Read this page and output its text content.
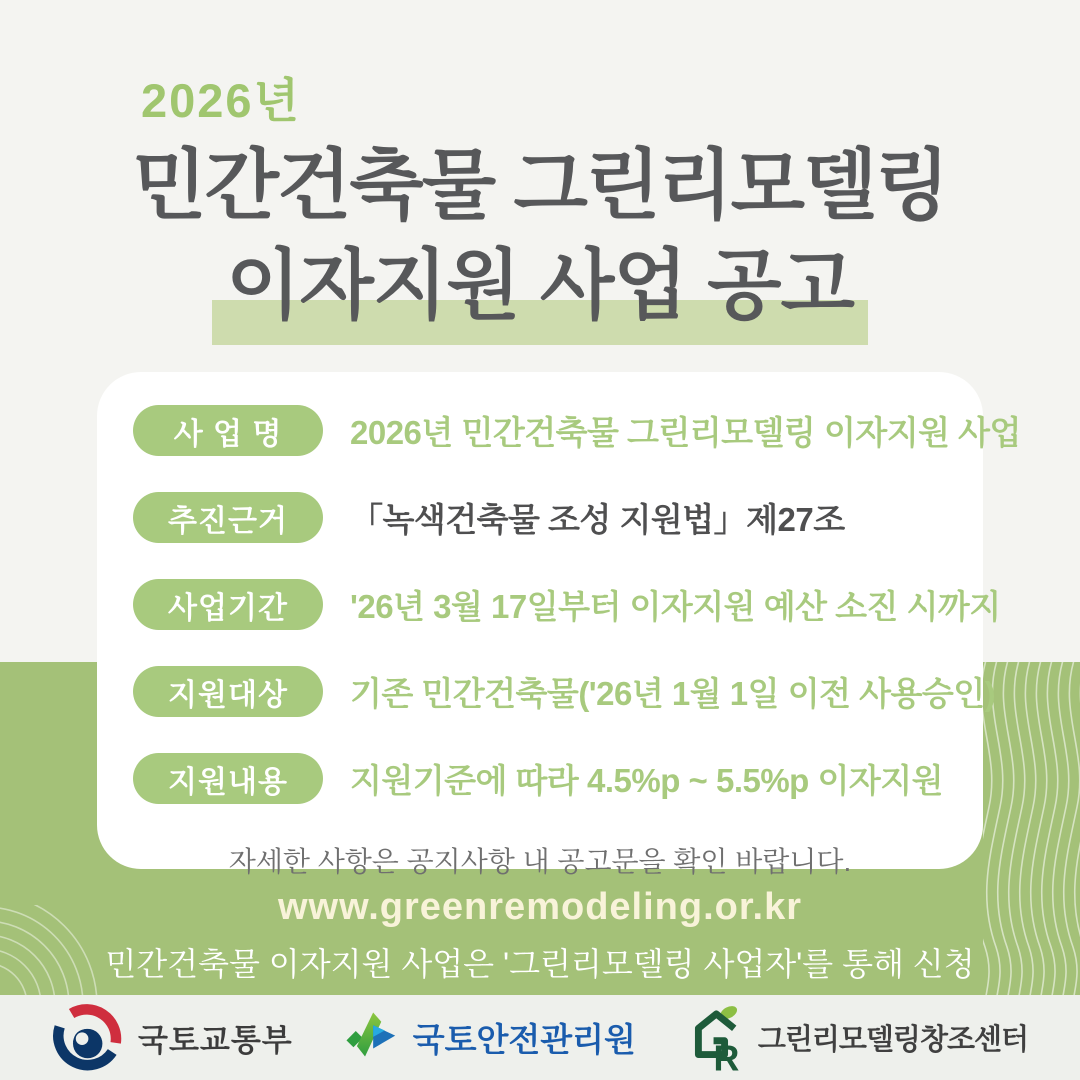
2026년
민간건축물 그린리모델링
이자지원 사업 공고
www.greenremodeling.or.kr
민간건축물 이자지원 사업은 '그린리모델링 사업자'를 통해 신청
사 업 명	2026년 민간건축물 그린리모델링 이자지원 사업
추진근거	「녹색건축물 조성 지원법」제27조
사업기간	'26년 3월 17일부터 이자지원 예산 소진 시까지
지원대상	기존 민간건축물('26년 1월 1일 이전 사용승인)
지원내용	지원기준에 따라 4.5%p ~ 5.5%p 이자지원
자세한 사항은 공지사항 내 공고문을 확인 바랍니다.
국토교통부	국토안전관리원 R 그린리모델링창조센터
